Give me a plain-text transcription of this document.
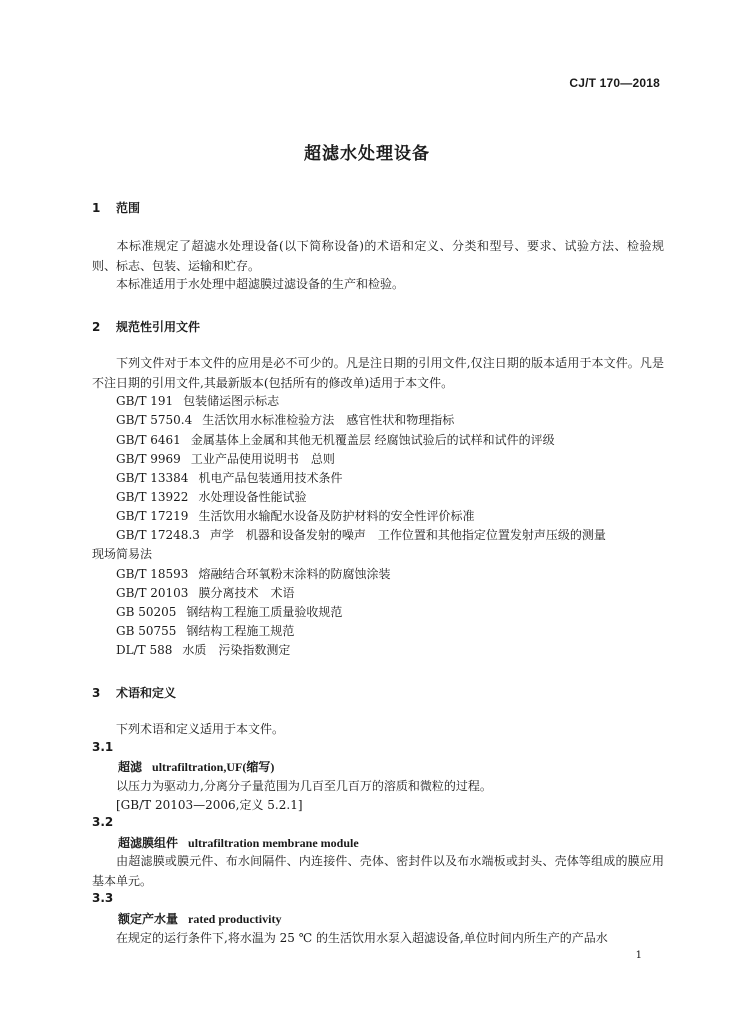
CJ/T 170—2018
超滤水处理设备
1 范围
本标准规定了超滤水处理设备(以下简称设备)的术语和定义、分类和型号、要求、试验方法、检验规则、标志、包装、运输和贮存。
本标准适用于水处理中超滤膜过滤设备的生产和检验。
2 规范性引用文件
下列文件对于本文件的应用是必不可少的。凡是注日期的引用文件,仅注日期的版本适用于本文件。凡是不注日期的引用文件,其最新版本(包括所有的修改单)适用于本文件。
GB/T 191 包装储运图示标志
GB/T 5750.4 生活饮用水标准检验方法　感官性状和物理指标
GB/T 6461 金属基体上金属和其他无机覆盖层 经腐蚀试验后的试样和试件的评级
GB/T 9969 工业产品使用说明书　总则
GB/T 13384 机电产品包装通用技术条件
GB/T 13922 水处理设备性能试验
GB/T 17219 生活饮用水输配水设备及防护材料的安全性评价标准
GB/T 17248.3 声学　机器和设备发射的噪声　工作位置和其他指定位置发射声压级的测量
现场简易法
GB/T 18593 熔融结合环氧粉末涂料的防腐蚀涂装
GB/T 20103 膜分离技术　术语
GB 50205 钢结构工程施工质量验收规范
GB 50755 钢结构工程施工规范
DL/T 588 水质　污染指数测定
3 术语和定义
下列术语和定义适用于本文件。
3.1
超滤 ultrafiltration,UF(缩写)
以压力为驱动力,分离分子量范围为几百至几百万的溶质和微粒的过程。
[GB/T 20103—2006,定义 5.2.1]
3.2
超滤膜组件 ultrafiltration membrane module
由超滤膜或膜元件、布水间隔件、内连接件、壳体、密封件以及布水端板或封头、壳体等组成的膜应用基本单元。
3.3
额定产水量 rated productivity
在规定的运行条件下,将水温为 25 ℃ 的生活饮用水泵入超滤设备,单位时间内所生产的产品水
1
